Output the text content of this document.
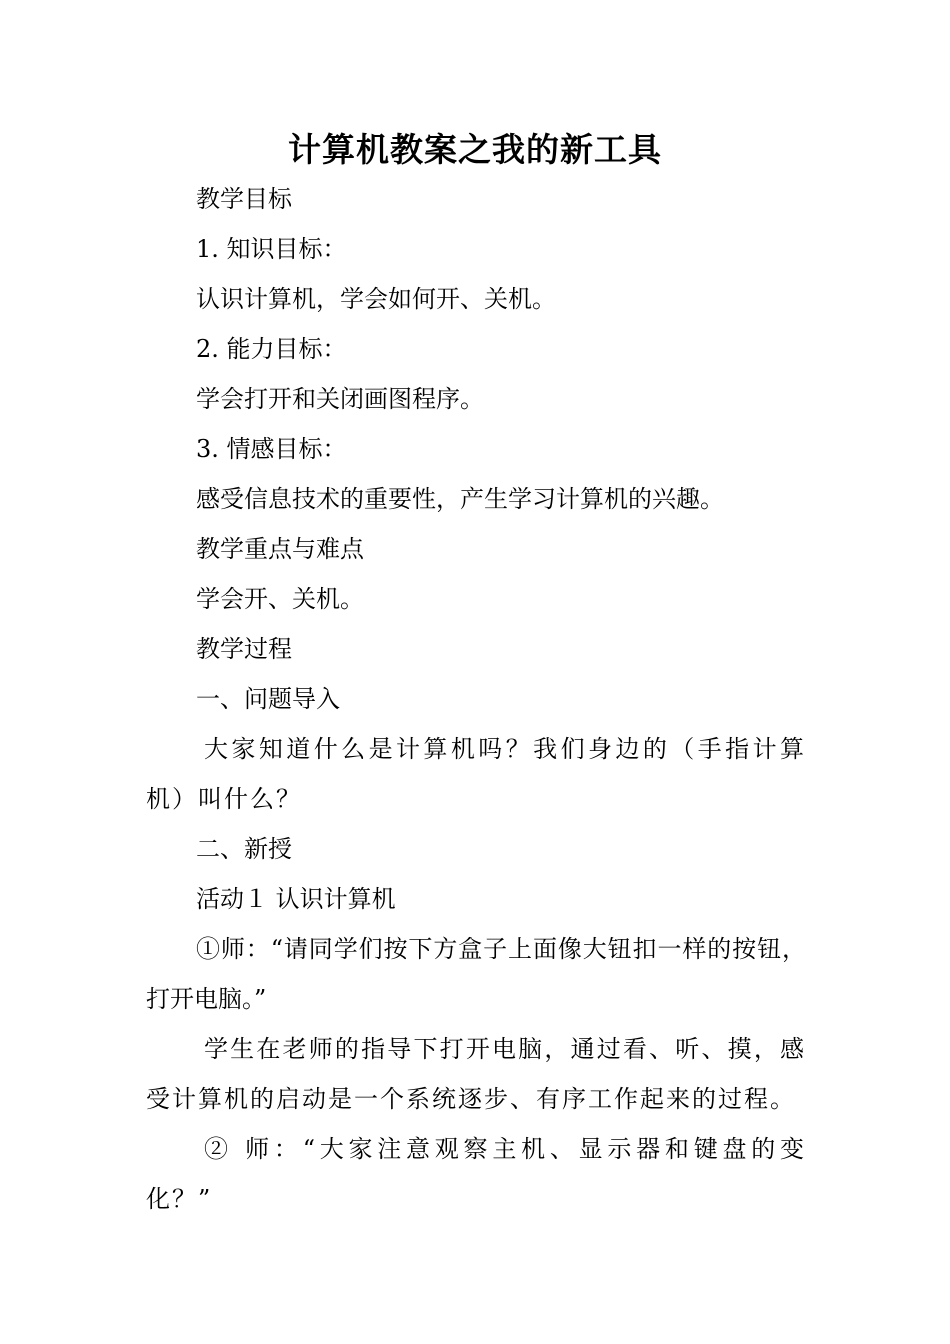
计算机教案之我的新工具

教学目标

1. 知识目标：

认识计算机，学会如何开、关机。

2. 能力目标：

学会打开和关闭画图程序。

3. 情感目标：

感受信息技术的重要性，产生学习计算机的兴趣。

教学重点与难点

学会开、关机。

教学过程

一、问题导入

大家知道什么是计算机吗？我们身边的（手指计算机）叫什么？

二、新授

活动１ 认识计算机

①师：“请同学们按下方盒子上面像大钮扣一样的按钮，打开电脑。”

学生在老师的指导下打开电脑，通过看、听、摸，感受计算机的启动是一个系统逐步、有序工作起来的过程。

② 师：“大家注意观察主机、显示器和键盘的变化？”
